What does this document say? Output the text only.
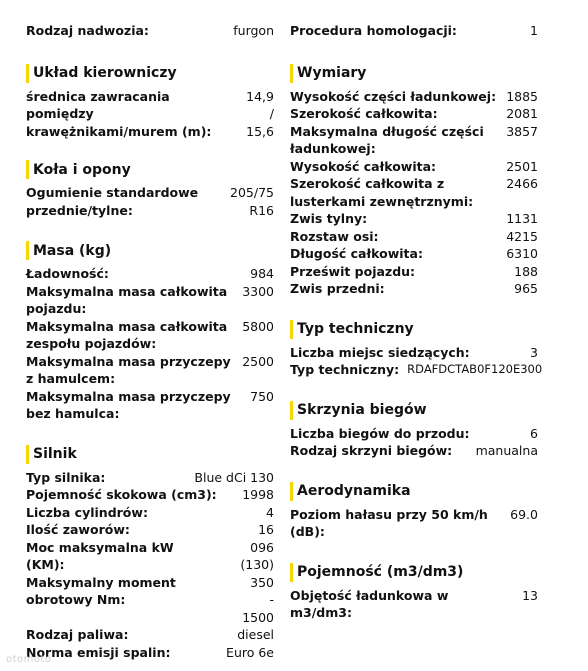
Rodzaj nadwozia:	furgon
Układ kierowniczy
średnica zawracania pomiędzy krawężnikami/murem (m):
14,9 / 15,6
Koła i opony
Ogumienie standardowe przednie/tylne:
205/75 R16
Masa (kg)
Ładowność:	984
Maksymalna masa całkowita pojazdu:
3300
Maksymalna masa całkowita zespołu pojazdów:
5800
Maksymalna masa przyczepy z hamulcem:
2500
Maksymalna masa przyczepy bez hamulca:
750
Silnik
Typ silnika:	Blue dCi 130
Pojemność skokowa (cm3):	1998
Liczba cylindrów:	4
Ilość zaworów:	16
Moc maksymalna kW (KM):
096 (130)
Maksymalny moment obrotowy Nm:
350 - 1500
Rodzaj paliwa:	diesel
Norma emisji spalin:	Euro 6e
Procedura homologacji:	1
Wymiary
Wysokość części ładunkowej: 1885
Szerokość całkowita:	2081
Maksymalna długość części ładunkowej:
3857
Wysokość całkowita:	2501
Szerokość całkowita z lusterkami zewnętrznymi:
2466
Zwis tylny:	1131
Rozstaw osi:	4215
Długość całkowita:	6310
Prześwit pojazdu:	188
Zwis przedni:	965
Typ techniczny
Liczba miejsc siedzących:	3
Typ techniczny: RDAFDCTAB0F120E300
Skrzynia biegów
Liczba biegów do przodu:	6
Rodzaj skrzyni biegów:	manualna
Aerodynamika
Poziom hałasu przy 50 km/h (dB):
69.0
Pojemność (m3/dm3)
Objętość ładunkowa w m3/dm3:
13
otomoto
